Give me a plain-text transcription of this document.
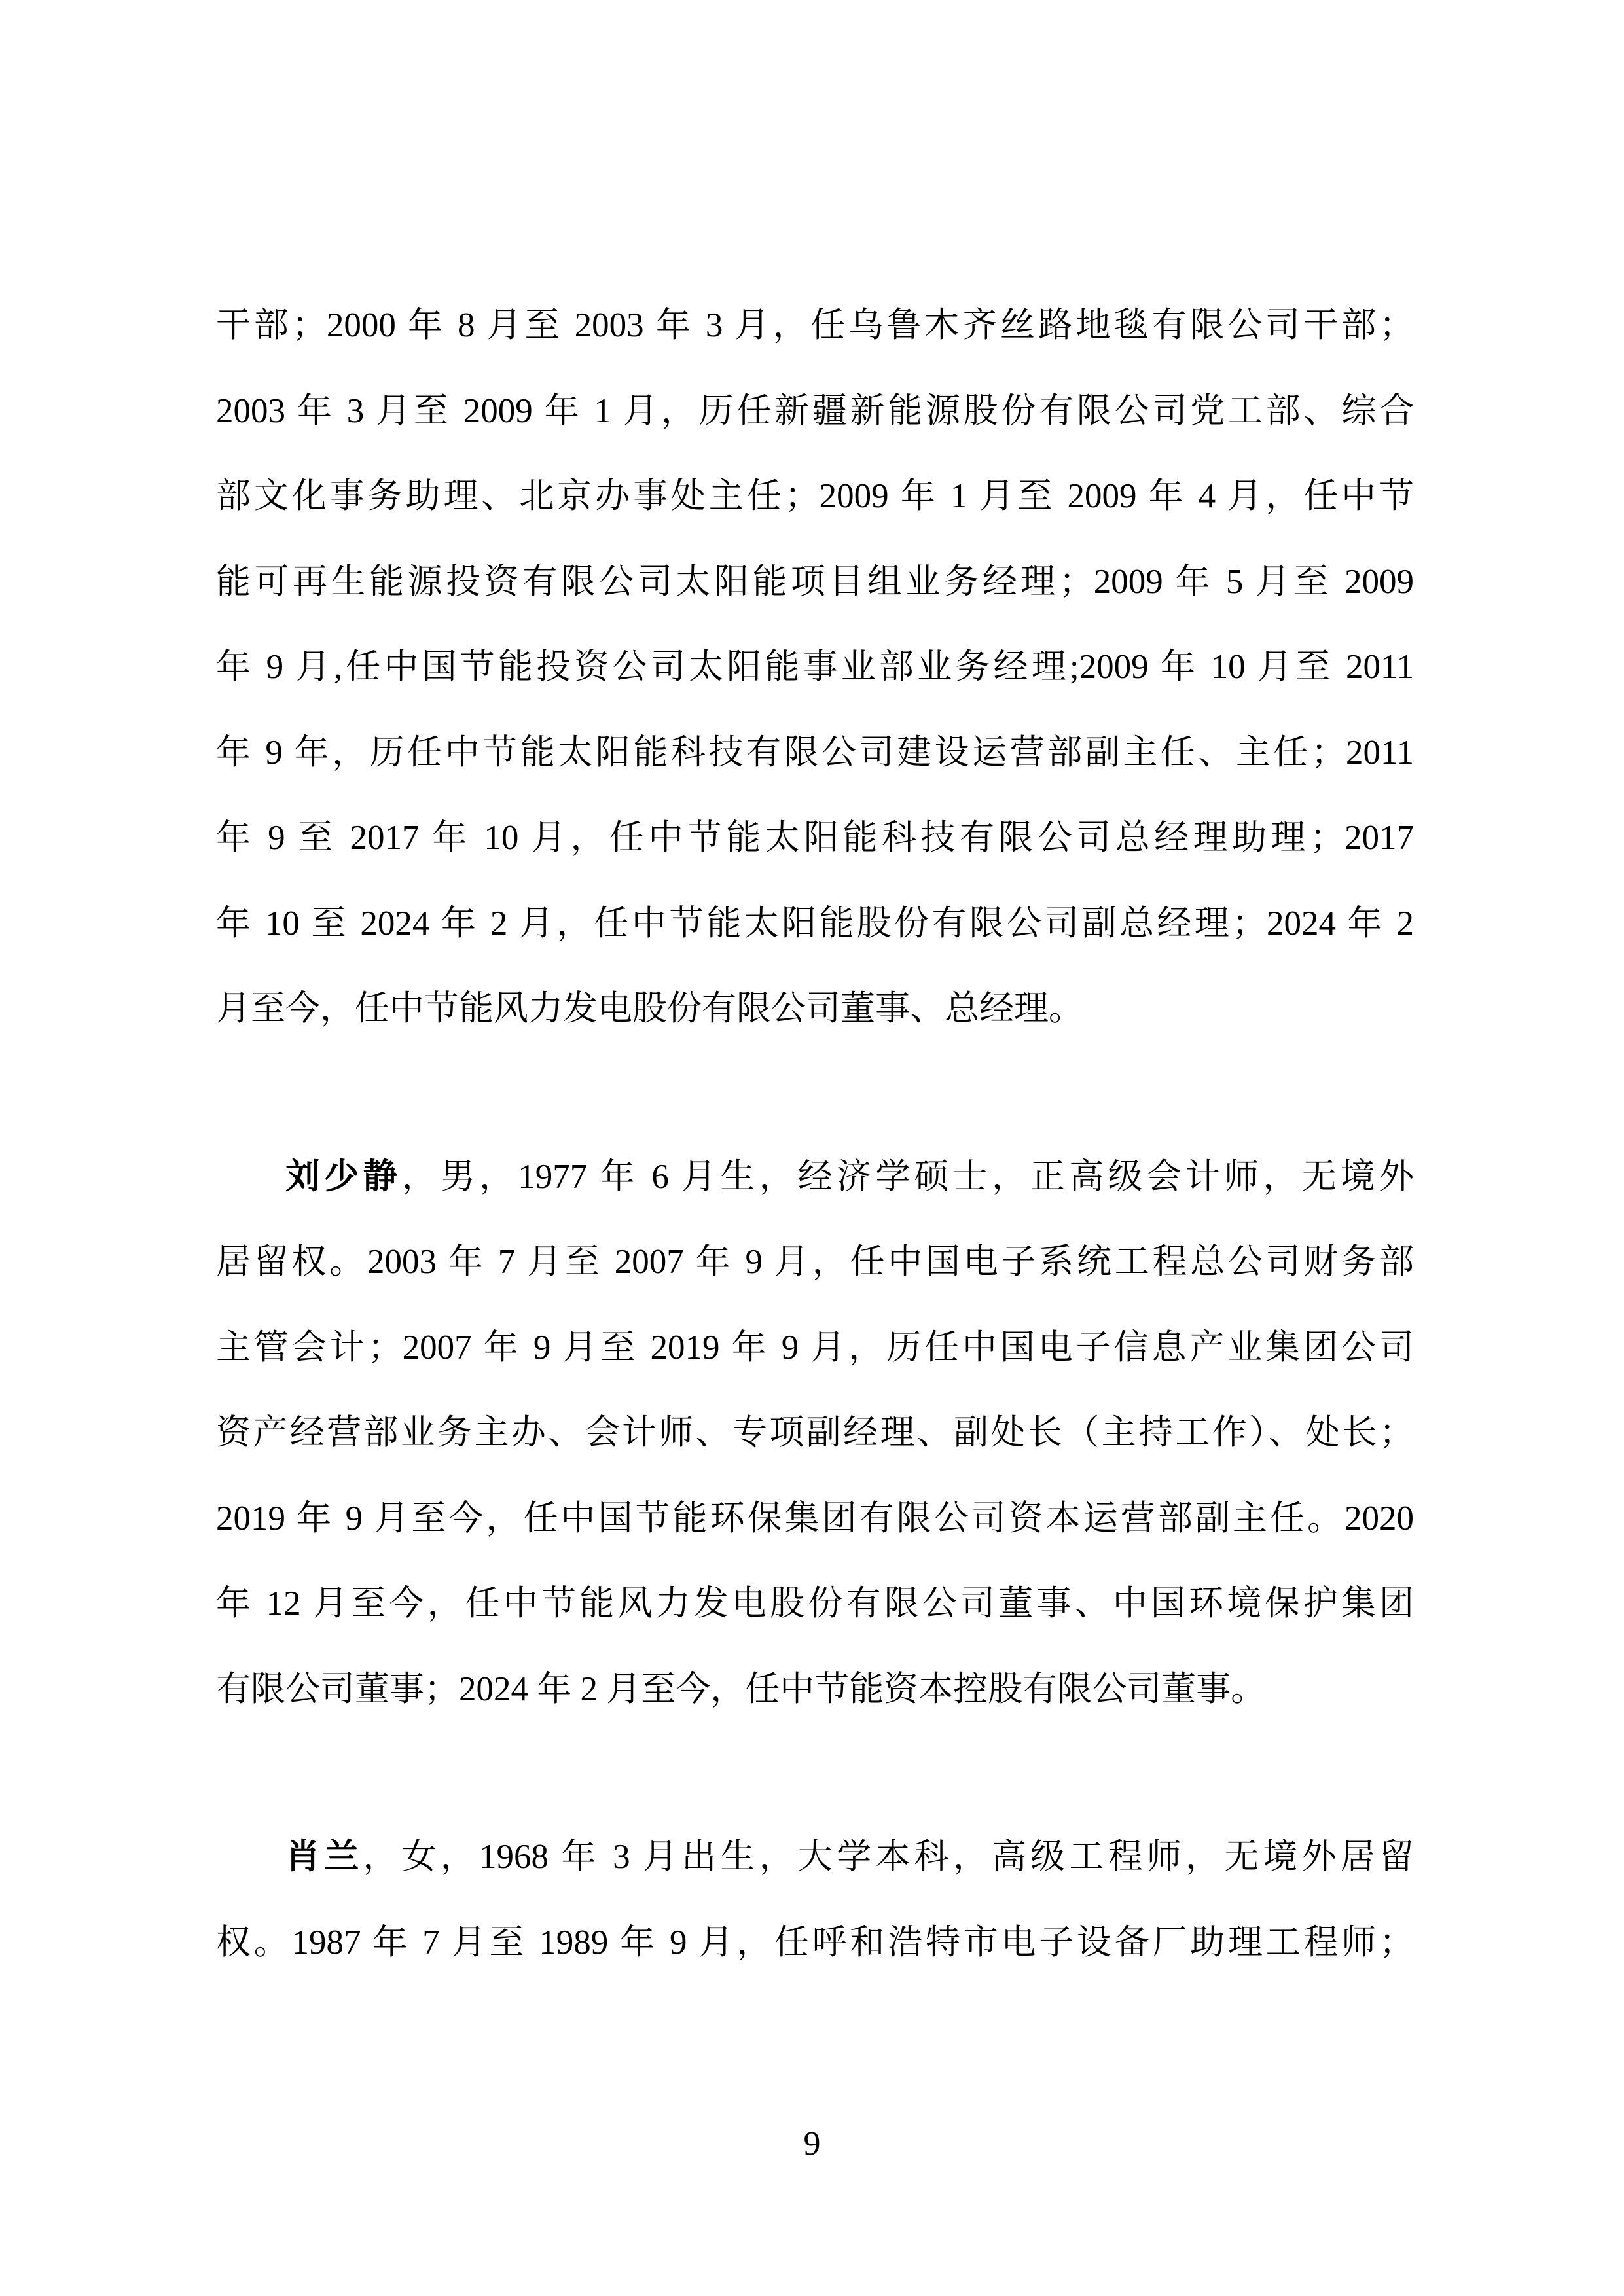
干部；2000 年 8 月至 2003 年 3 月，任乌鲁木齐丝路地毯有限公司干部；
2003 年 3 月至 2009 年 1 月，历任新疆新能源股份有限公司党工部、综合
部文化事务助理、北京办事处主任；2009 年 1 月至 2009 年 4 月，任中节
能可再生能源投资有限公司太阳能项目组业务经理；2009 年 5 月至 2009
年 9 月,任中国节能投资公司太阳能事业部业务经理;2009 年 10 月至 2011
年 9 年，历任中节能太阳能科技有限公司建设运营部副主任、主任；2011
年 9 至 2017 年 10 月，任中节能太阳能科技有限公司总经理助理；2017
年 10 至 2024 年 2 月，任中节能太阳能股份有限公司副总经理；2024 年 2
月至今，任中节能风力发电股份有限公司董事、总经理。
刘少静，男，1977 年 6 月生，经济学硕士，正高级会计师，无境外
居留权。2003 年 7 月至 2007 年 9 月，任中国电子系统工程总公司财务部
主管会计；2007 年 9 月至 2019 年 9 月，历任中国电子信息产业集团公司
资产经营部业务主办、会计师、专项副经理、副处长（主持工作）、处长；
2019 年 9 月至今，任中国节能环保集团有限公司资本运营部副主任。2020
年 12 月至今，任中节能风力发电股份有限公司董事、中国环境保护集团
有限公司董事；2024 年 2 月至今，任中节能资本控股有限公司董事。
肖兰，女，1968 年 3 月出生，大学本科，高级工程师，无境外居留
权。1987 年 7 月至 1989 年 9 月，任呼和浩特市电子设备厂助理工程师；
9
